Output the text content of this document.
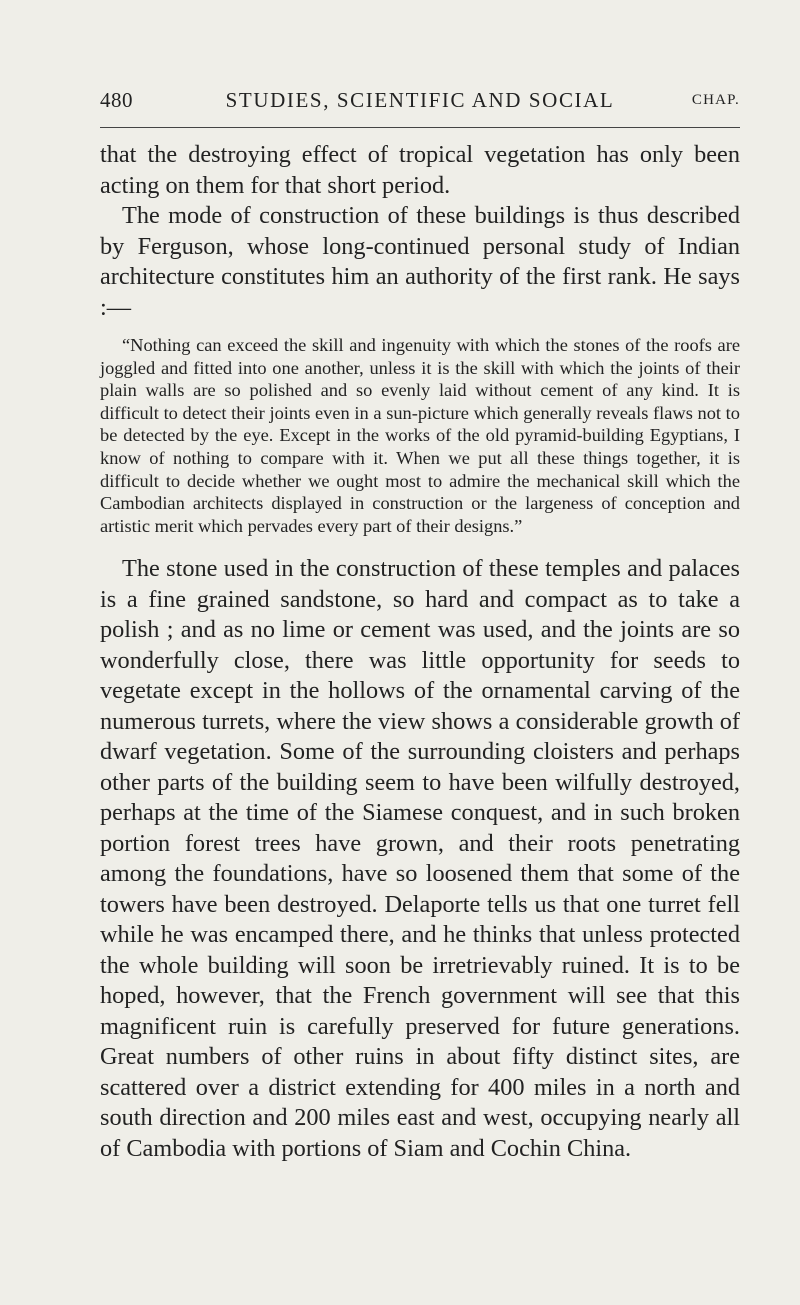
480	STUDIES, SCIENTIFIC AND SOCIAL	CHAP.

that the destroying effect of tropical vegetation has only been acting on them for that short period.

The mode of construction of these buildings is thus described by Ferguson, whose long-continued personal study of Indian architecture constitutes him an authority of the first rank. He says :—

“Nothing can exceed the skill and ingenuity with which the stones of the roofs are joggled and fitted into one another, unless it is the skill with which the joints of their plain walls are so polished and so evenly laid without cement of any kind. It is difficult to detect their joints even in a sun-picture which generally reveals flaws not to be detected by the eye. Except in the works of the old pyramid-building Egyptians, I know of nothing to compare with it. When we put all these things together, it is difficult to decide whether we ought most to admire the mechanical skill which the Cambodian architects displayed in construction or the largeness of conception and artistic merit which pervades every part of their designs.”

The stone used in the construction of these temples and palaces is a fine grained sandstone, so hard and compact as to take a polish ; and as no lime or cement was used, and the joints are so wonderfully close, there was little opportunity for seeds to vegetate except in the hollows of the ornamental carving of the numerous turrets, where the view shows a considerable growth of dwarf vegetation. Some of the surrounding cloisters and perhaps other parts of the building seem to have been wilfully destroyed, perhaps at the time of the Siamese conquest, and in such broken portion forest trees have grown, and their roots penetrating among the foundations, have so loosened them that some of the towers have been destroyed. Delaporte tells us that one turret fell while he was encamped there, and he thinks that unless protected the whole building will soon be irretrievably ruined. It is to be hoped, however, that the French government will see that this magnificent ruin is carefully preserved for future generations. Great numbers of other ruins in about fifty distinct sites, are scattered over a district extending for 400 miles in a north and south direction and 200 miles east and west, occupying nearly all of Cambodia with portions of Siam and Cochin China.
